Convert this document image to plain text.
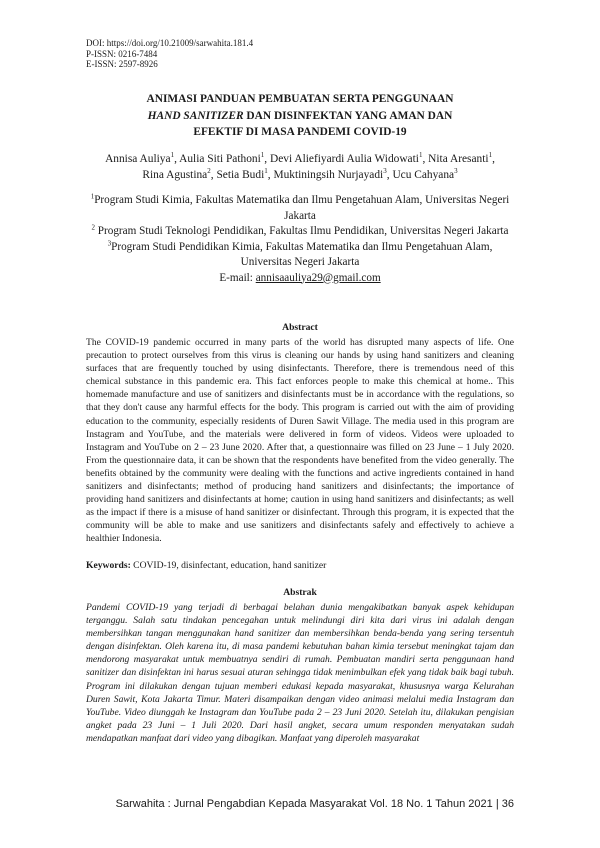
DOI: https://doi.org/10.21009/sarwahita.181.4
P-ISSN: 0216-7484
E-ISSN: 2597-8926
ANIMASI PANDUAN PEMBUATAN SERTA PENGGUNAAN
HAND SANITIZER DAN DISINFEKTAN YANG AMAN DAN
EFEKTIF DI MASA PANDEMI COVID-19
Annisa Auliya$^1$, Aulia Siti Pathoni$^1$, Devi Aliefiyardi Aulia Widowati$^1$, Nita Aresanti$^1$,
Rina Agustina$^2$, Setia Budi$^1$, Muktiningsih Nurjayadi$^3$, Ucu Cahyana$^3$
$^1$Program Studi Kimia, Fakultas Matematika dan Ilmu Pengetahuan Alam, Universitas Negeri Jakarta
$^2$ Program Studi Teknologi Pendidikan, Fakultas Ilmu Pendidikan, Universitas Negeri Jakarta
$^3$Program Studi Pendidikan Kimia, Fakultas Matematika dan Ilmu Pengetahuan Alam, Universitas Negeri Jakarta
E-mail: annisaauliya29@gmail.com
Abstract
The COVID-19 pandemic occurred in many parts of the world has disrupted many aspects of life. One precaution to protect ourselves from this virus is cleaning our hands by using hand sanitizers and cleaning surfaces that are frequently touched by using disinfectants. Therefore, there is tremendous need of this chemical substance in this pandemic era. This fact enforces people to make this chemical at home.. This homemade manufacture and use of sanitizers and disinfectants must be in accordance with the regulations, so that they don't cause any harmful effects for the body. This program is carried out with the aim of providing education to the community, especially residents of Duren Sawit Village. The media used in this program are Instagram and YouTube, and the materials were delivered in form of videos. Videos were uploaded to Instagram and YouTube on 2 – 23 June 2020. After that, a questionnaire was filled on 23 June – 1 July 2020. From the questionnaire data, it can be shown that the respondents have benefited from the video generally. The benefits obtained by the community were dealing with the functions and active ingredients contained in hand sanitizers and disinfectants; method of producing hand sanitizers and disinfectants; the importance of providing hand sanitizers and disinfectants at home; caution in using hand sanitizers and disinfectants; as well as the impact if there is a misuse of hand sanitizer or disinfectant. Through this program, it is expected that the community will be able to make and use sanitizers and disinfectants safely and effectively to achieve a healthier Indonesia.
Keywords: COVID-19, disinfectant, education, hand sanitizer
Abstrak
Pandemi COVID-19 yang terjadi di berbagai belahan dunia mengakibatkan banyak aspek kehidupan terganggu. Salah satu tindakan pencegahan untuk melindungi diri kita dari virus ini adalah dengan membersihkan tangan menggunakan hand sanitizer dan membersihkan benda-benda yang sering tersentuh dengan disinfektan. Oleh karena itu, di masa pandemi kebutuhan bahan kimia tersebut meningkat tajam dan mendorong masyarakat untuk membuatnya sendiri di rumah. Pembuatan mandiri serta penggunaan hand sanitizer dan disinfektan ini harus sesuai aturan sehingga tidak menimbulkan efek yang tidak baik bagi tubuh. Program ini dilakukan dengan tujuan memberi edukasi kepada masyarakat, khususnya warga Kelurahan Duren Sawit, Kota Jakarta Timur. Materi disampaikan dengan video animasi melalui media Instagram dan YouTube. Video diunggah ke Instagram dan YouTube pada 2 – 23 Juni 2020. Setelah itu, dilakukan pengisian angket pada 23 Juni – 1 Juli 2020. Dari hasil angket, secara umum responden menyatakan sudah mendapatkan manfaat dari video yang dibagikan. Manfaat yang diperoleh masyarakat
Sarwahita : Jurnal Pengabdian Kepada Masyarakat Vol. 18 No. 1 Tahun 2021 | 36
